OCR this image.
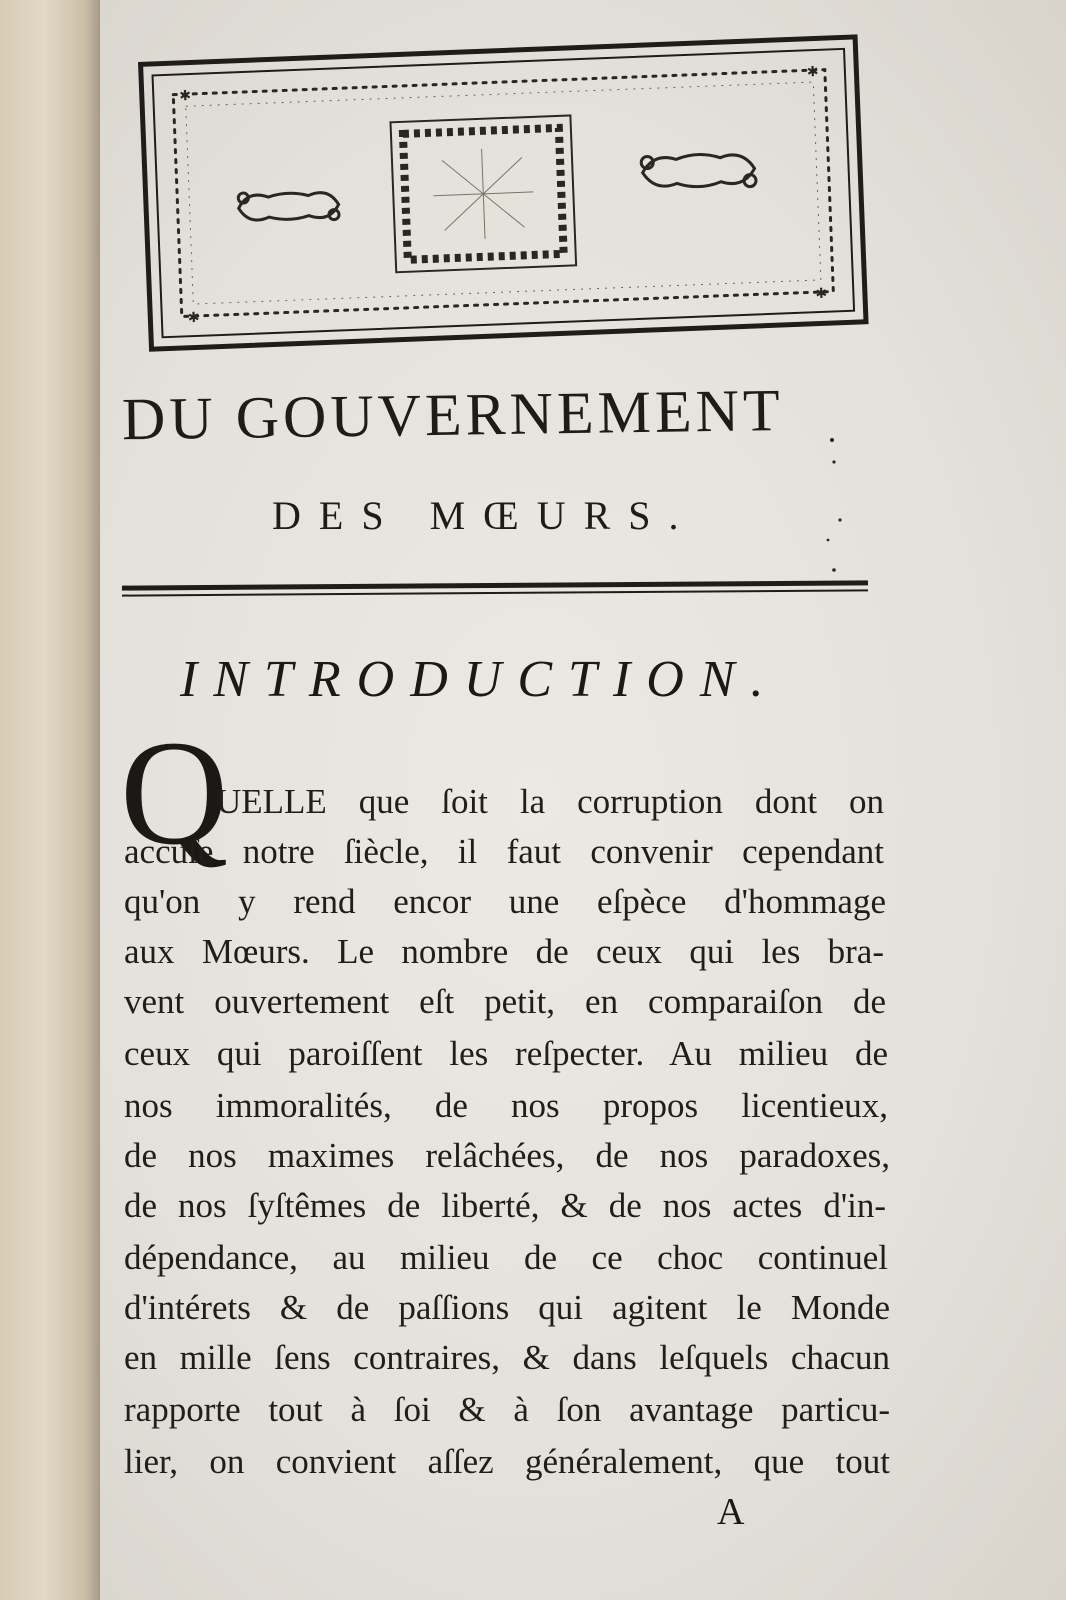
✱
✱
✱
✱
DU GOUVERNEMENT
DES MŒURS.
INTRODUCTION.
Q
UELLE que ſoit la corruption dont on
accuſe notre ſiècle, il faut convenir cependant
qu'on y rend encor une eſpèce d'hommage
aux Mœurs. Le nombre de ceux qui les bra-
vent ouvertement eſt petit, en comparaiſon de
ceux qui paroiſſent les reſpecter. Au milieu de
nos immoralités, de nos propos licentieux,
de nos maximes relâchées, de nos paradoxes,
de nos ſyſtêmes de liberté, & de nos actes d'in-
dépendance, au milieu de ce choc continuel
d'intérets & de paſſions qui agitent le Monde
en mille ſens contraires, & dans leſquels chacun
rapporte tout à ſoi & à ſon avantage particu-
lier, on convient aſſez généralement, que tout
A
